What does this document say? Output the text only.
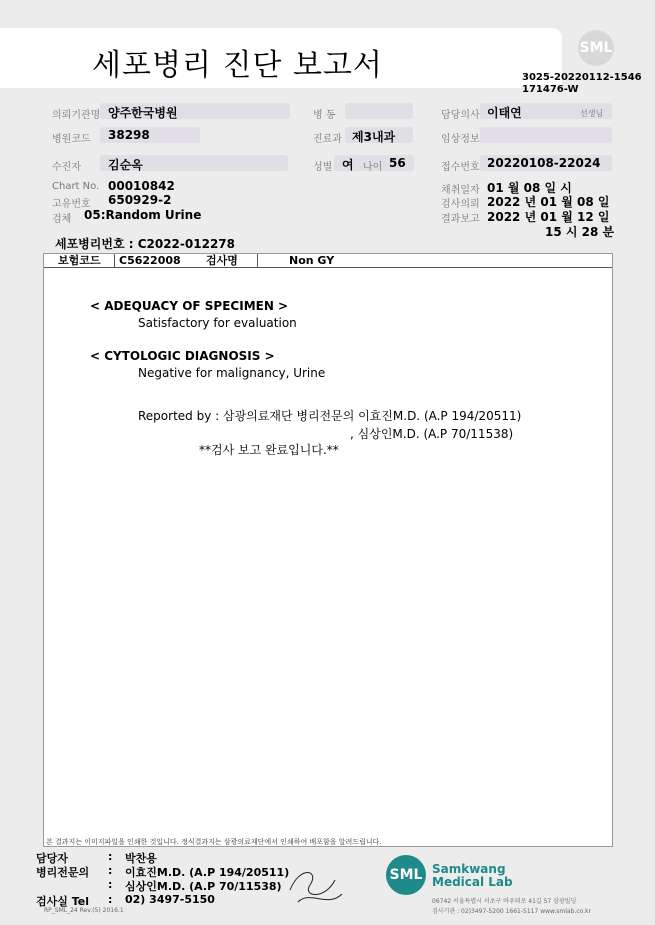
세포병리 진단 보고서	SML
3025-20220112-1546
171476-W
의뢰기관명 양주한국병원	병 동	담당의사 이태연	선생님
병원코드 38298	진료과 제3내과	임상정보
수진자 김순옥	성별 여 나이 56	접수번호 20220108-22024
Chart No. 00010842	채취일자 01 월 08 일 시
고유번호 650929-2	검사의뢰 2022 년 01 월 08 일
검체 05:Random Urine	결과보고 2022 년 01 월 12 일
15 시 28 분
세포병리번호 : C2022-012278
보험코드 C5622008 검사명	Non GY
< ADEQUACY OF SPECIMEN >
Satisfactory for evaluation
< CYTOLOGIC DIAGNOSIS >
Negative for malignancy, Urine
Reported by : 삼광의료재단 병리전문의 이효진M.D. (A.P 194/20511)
, 심상인M.D. (A.P 70/11538)
**검사 보고 완료입니다.**
본 결과지는 이미지파일을 인쇄한 것입니다. 정식결과지는 삼광의료재단에서 인쇄하여 배포함을 알려드립니다.
담당자	: 박찬용
병리전문의 : 이효진M.D. (A.P 194/20511)
: 심상인M.D. (A.P 70/11538)
검사실 Tel : 02) 3497-5150
RP_SML_24 Rev.(5) 2016.1
SML Samkwang
Medical Lab
06742 서울특별시 서초구 바우뫼로 41길 57 삼광빌딩
검사기관 : 02)3497-5200 1661-5117 www.smlab.co.kr
